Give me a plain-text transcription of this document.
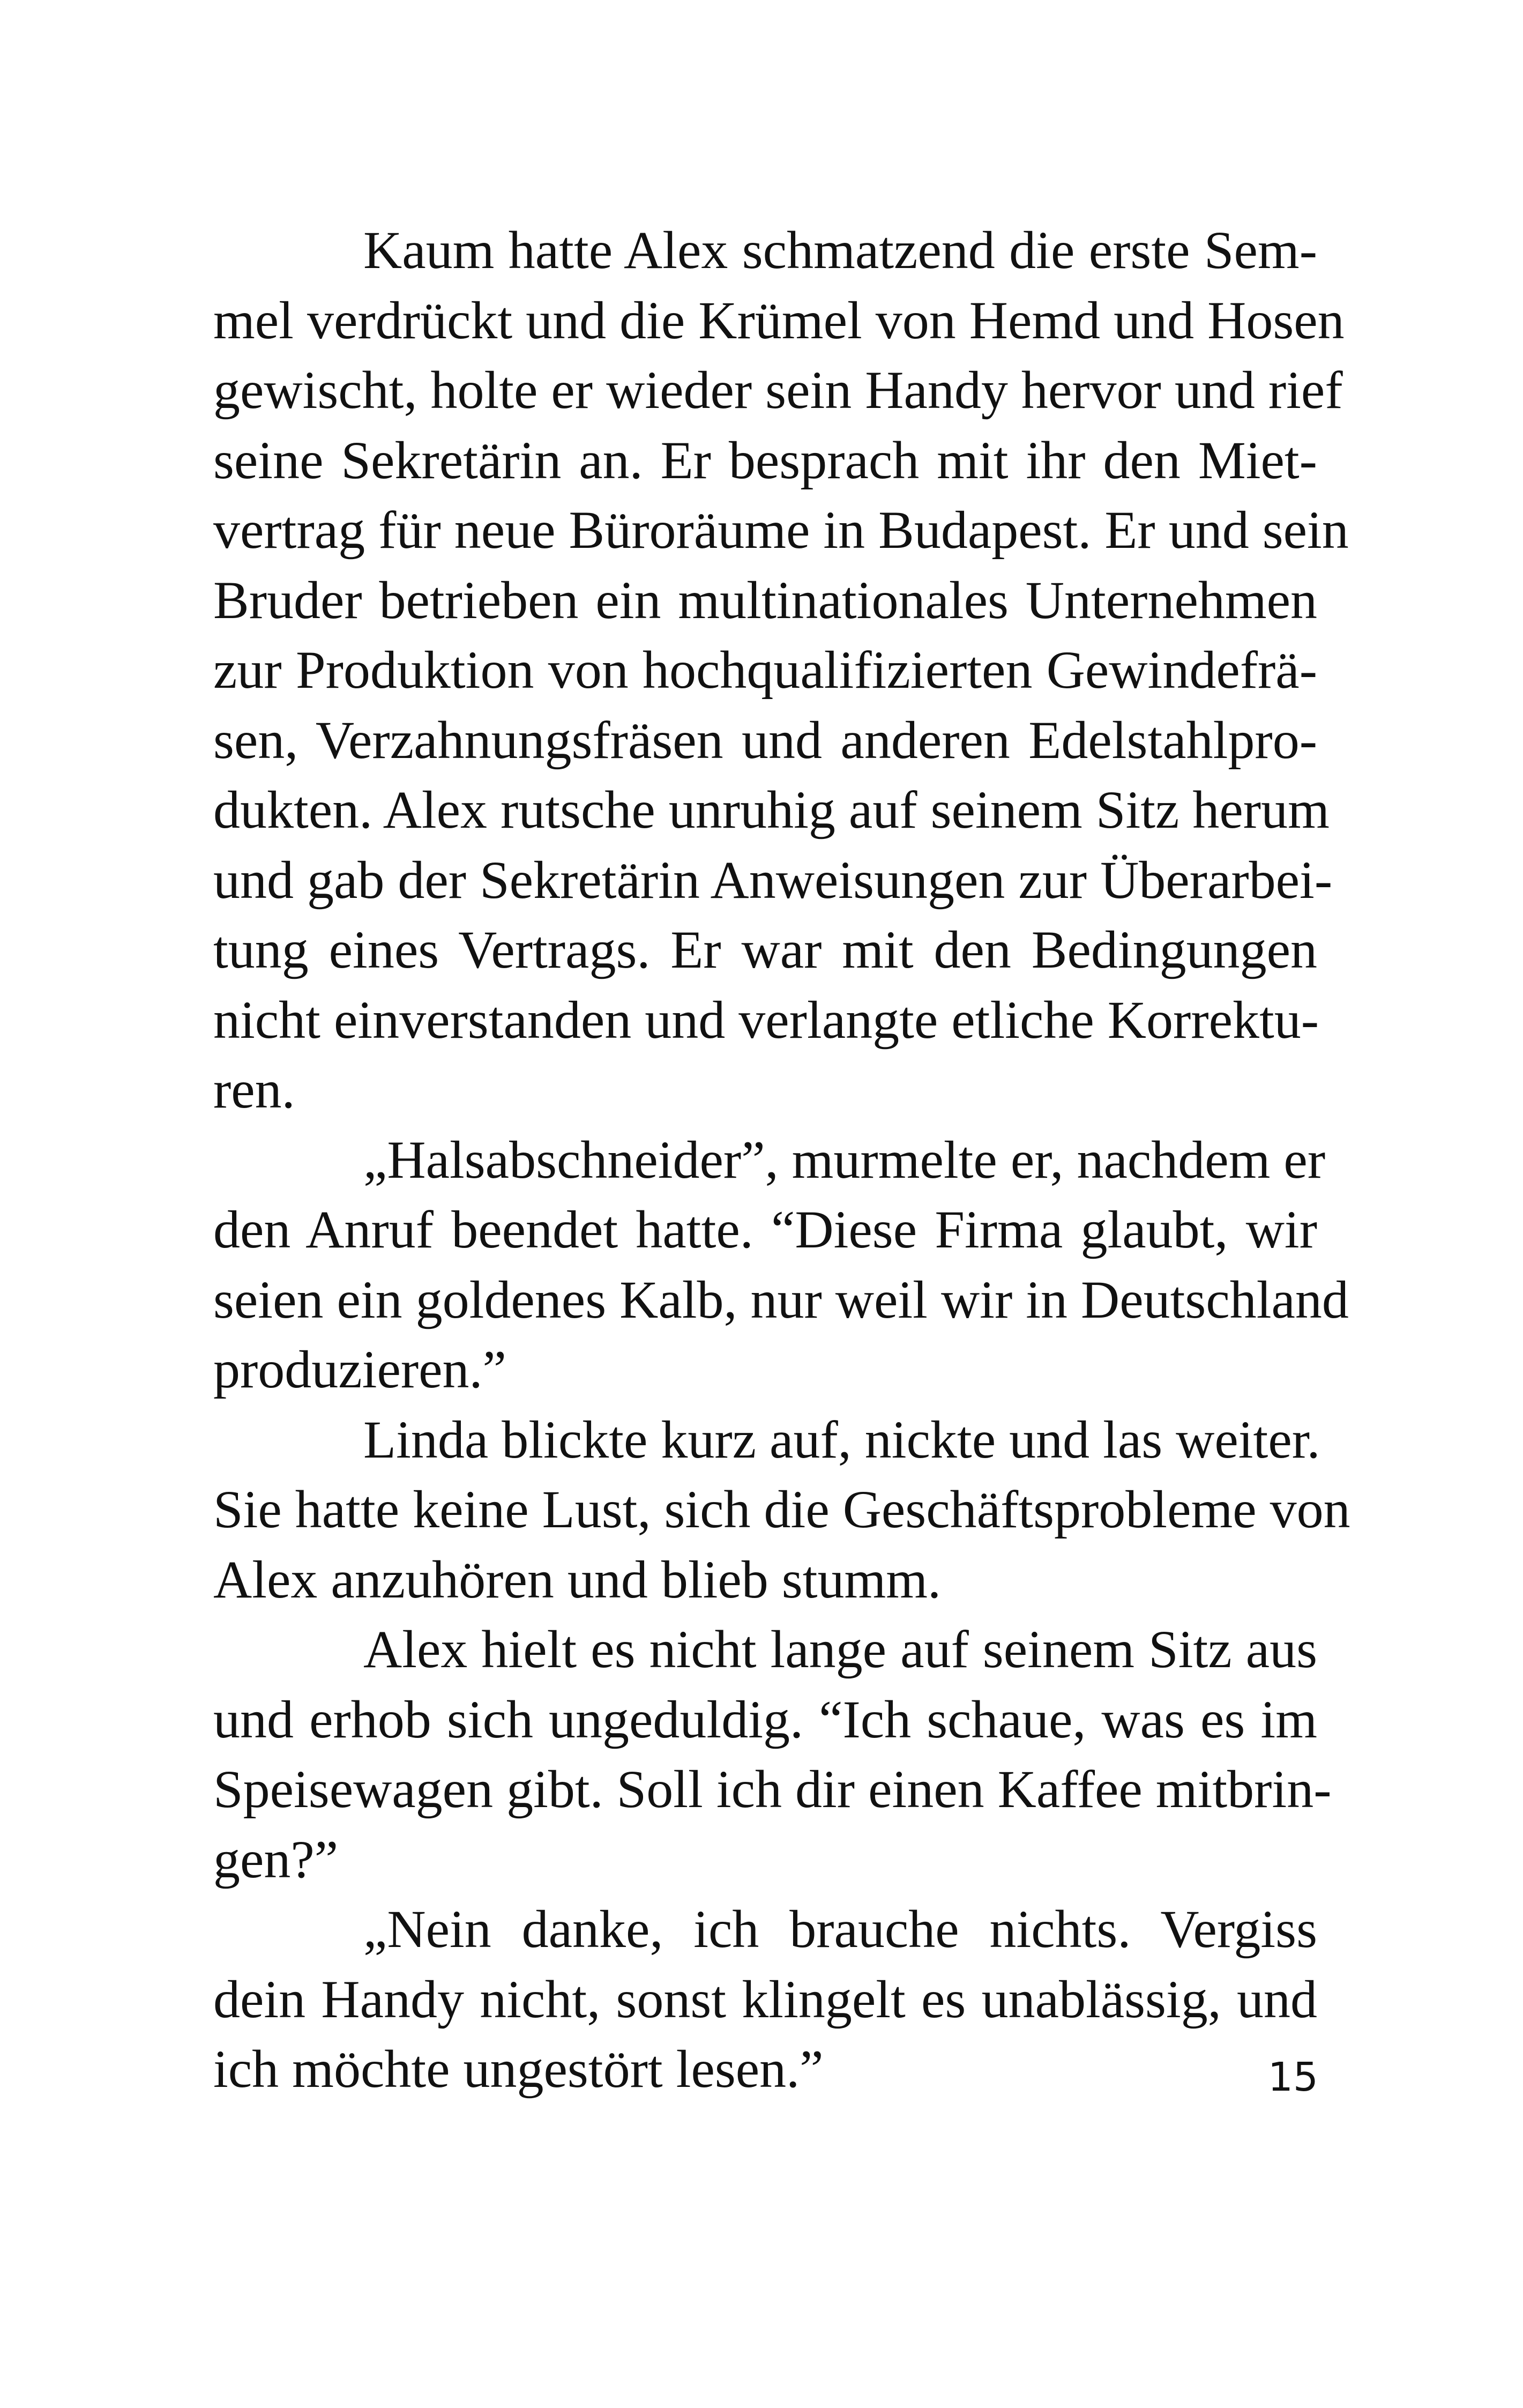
Kaum hatte Alex schmatzend die erste Sem-
mel verdrückt und die Krümel von Hemd und Hosen
gewischt, holte er wieder sein Handy hervor und rief
seine Sekretärin an. Er besprach mit ihr den Miet-
vertrag für neue Büroräume in Budapest. Er und sein
Bruder betrieben ein multinationales Unternehmen
zur Produktion von hochqualifizierten Gewindefrä-
sen, Verzahnungsfräsen und anderen Edelstahlpro-
dukten. Alex rutsche unruhig auf seinem Sitz herum
und gab der Sekretärin Anweisungen zur Überarbei-
tung eines Vertrags. Er war mit den Bedingungen
nicht einverstanden und verlangte etliche Korrektu-
ren.
„Halsabschneider”, murmelte er, nachdem er
den Anruf beendet hatte. “Diese Firma glaubt, wir
seien ein goldenes Kalb, nur weil wir in Deutschland
produzieren.”
Linda blickte kurz auf, nickte und las weiter.
Sie hatte keine Lust, sich die Geschäftsprobleme von
Alex anzuhören und blieb stumm.
Alex hielt es nicht lange auf seinem Sitz aus
und erhob sich ungeduldig. “Ich schaue, was es im
Speisewagen gibt. Soll ich dir einen Kaffee mitbrin-
gen?”
„Nein danke, ich brauche nichts. Vergiss
dein Handy nicht, sonst klingelt es unablässig, und
ich möchte ungestört lesen.”	15
